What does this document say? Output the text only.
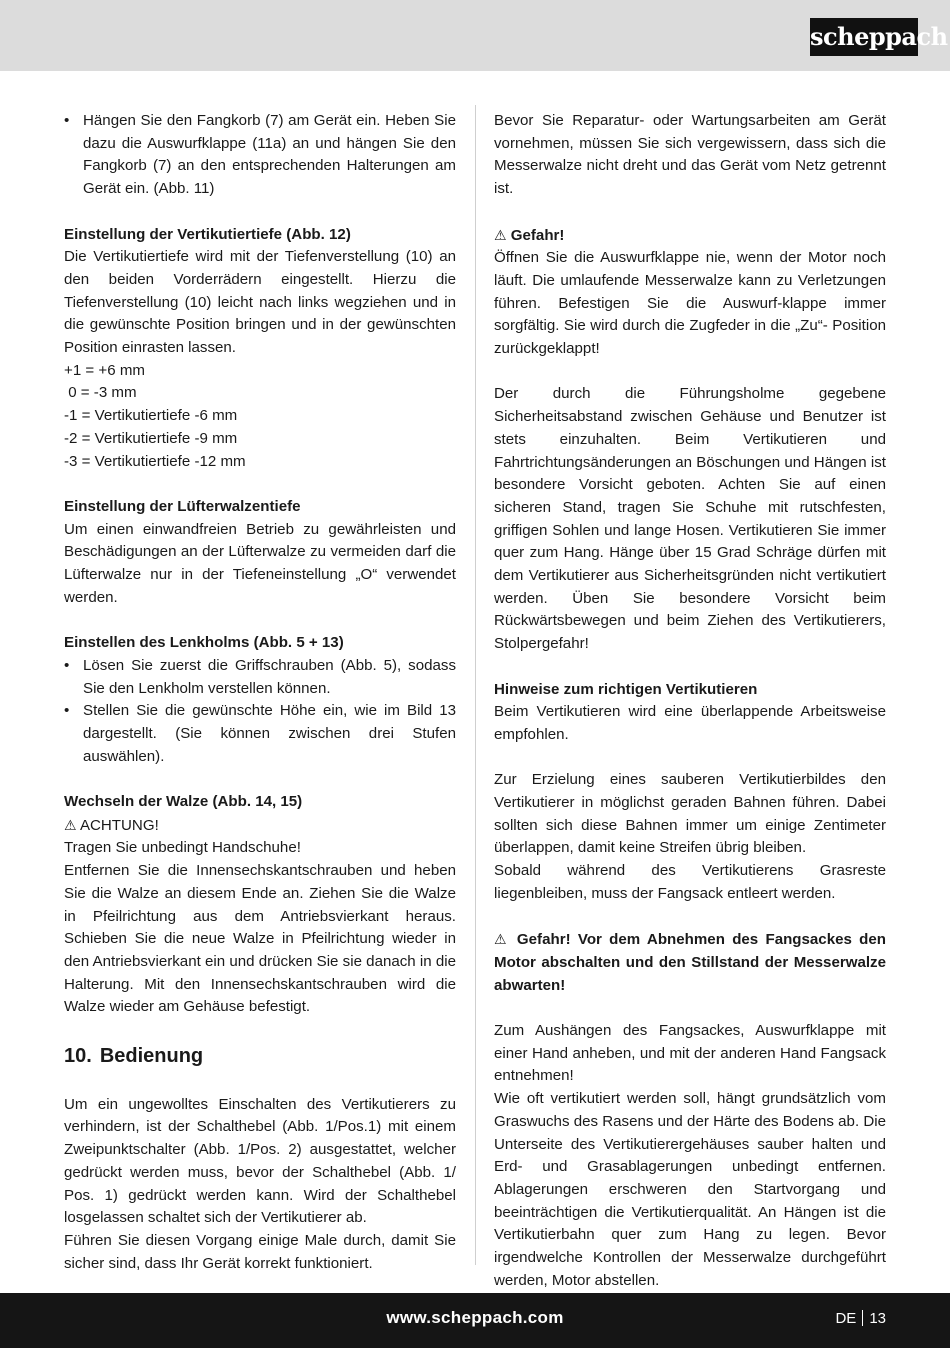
scheppach
• Hängen Sie den Fangkorb (7) am Gerät ein. Heben Sie dazu die Auswurfklappe (11a) an und hängen Sie den Fangkorb (7) an den entsprechenden Halterungen am Gerät ein. (Abb. 11)
Einstellung der Vertikutiertiefe (Abb. 12)
Die Vertikutiertiefe wird mit der Tiefenverstellung (10) an den beiden Vorderrädern eingestellt. Hierzu die Tiefenverstellung (10) leicht nach links wegziehen und in die gewünschte Position bringen und in der gewünschten Position einrasten lassen.
+1 = +6 mm
0 = -3 mm
-1 = Vertikutiertiefe -6 mm
-2 = Vertikutiertiefe -9 mm
-3 = Vertikutiertiefe -12 mm
Einstellung der Lüfterwalzentiefe
Um einen einwandfreien Betrieb zu gewährleisten und Beschädigungen an der Lüfterwalze zu vermeiden darf die Lüfterwalze nur in der Tiefeneinstellung „O“ verwendet werden.
Einstellen des Lenkholms (Abb. 5 + 13)
• Lösen Sie zuerst die Griffschrauben (Abb. 5), sodass Sie den Lenkholm verstellen können.
• Stellen Sie die gewünschte Höhe ein, wie im Bild 13 dargestellt. (Sie können zwischen drei Stufen auswählen).
Wechseln der Walze (Abb. 14, 15)
⚠ ACHTUNG!
Tragen Sie unbedingt Handschuhe!
Entfernen Sie die Innensechskantschrauben und heben Sie die Walze an diesem Ende an. Ziehen Sie die Walze in Pfeilrichtung aus dem Antriebsvierkant heraus. Schieben Sie die neue Walze in Pfeilrichtung wieder in den Antriebsvierkant ein und drücken Sie sie danach in die Halterung. Mit den Innensechskantschrauben wird die Walze wieder am Gehäuse befestigt.
10. Bedienung
Um ein ungewolltes Einschalten des Vertikutierers zu verhindern, ist der Schalthebel (Abb. 1/Pos.1) mit einem Zweipunktschalter (Abb. 1/Pos. 2) ausgestattet, welcher gedrückt werden muss, bevor der Schalthebel (Abb. 1/ Pos. 1) gedrückt werden kann. Wird der Schalthebel losgelassen schaltet sich der Vertikutierer ab.
Führen Sie diesen Vorgang einige Male durch, damit Sie sicher sind, dass Ihr Gerät korrekt funktioniert.
Bevor Sie Reparatur- oder Wartungsarbeiten am Gerät vornehmen, müssen Sie sich vergewissern, dass sich die Messerwalze nicht dreht und das Gerät vom Netz getrennt ist.
⚠ Gefahr!
Öffnen Sie die Auswurfklappe nie, wenn der Motor noch läuft. Die umlaufende Messerwalze kann zu Verletzungen führen. Befestigen Sie die Auswurf-klappe immer sorgfältig. Sie wird durch die Zugfeder in die „Zu“- Position zurückgeklappt!
Der durch die Führungsholme gegebene Sicherheitsabstand zwischen Gehäuse und Benutzer ist stets einzuhalten. Beim Vertikutieren und Fahrtrichtungsänderungen an Böschungen und Hängen ist besondere Vorsicht geboten. Achten Sie auf einen sicheren Stand, tragen Sie Schuhe mit rutschfesten, griffigen Sohlen und lange Hosen. Vertikutieren Sie immer quer zum Hang. Hänge über 15 Grad Schräge dürfen mit dem Vertikutierer aus Sicherheitsgründen nicht vertikutiert werden. Üben Sie besondere Vorsicht beim Rückwärtsbewegen und beim Ziehen des Vertikutierers, Stolpergefahr!
Hinweise zum richtigen Vertikutieren
Beim Vertikutieren wird eine überlappende Arbeitsweise empfohlen.
Zur Erzielung eines sauberen Vertikutierbildes den Vertikutierer in möglichst geraden Bahnen führen. Dabei sollten sich diese Bahnen immer um einige Zentimeter überlappen, damit keine Streifen übrig bleiben.
Sobald während des Vertikutierens Grasreste liegenbleiben, muss der Fangsack entleert werden.
⚠ Gefahr! Vor dem Abnehmen des Fangsackes den Motor abschalten und den Stillstand der Messerwalze abwarten!
Zum Aushängen des Fangsackes, Auswurfklappe mit einer Hand anheben, und mit der anderen Hand Fangsack entnehmen!
Wie oft vertikutiert werden soll, hängt grundsätzlich vom Graswuchs des Rasens und der Härte des Bodens ab. Die Unterseite des Vertikutierergehäuses sauber halten und Erd- und Grasablagerungen unbedingt entfernen. Ablagerungen erschweren den Startvorgang und beeinträchtigen die Vertikutierqualität. An Hängen ist die Vertikutierbahn quer zum Hang zu legen. Bevor irgendwelche Kontrollen der Messerwalze durchgeführt werden, Motor abstellen.
www.scheppach.com	DE 13
